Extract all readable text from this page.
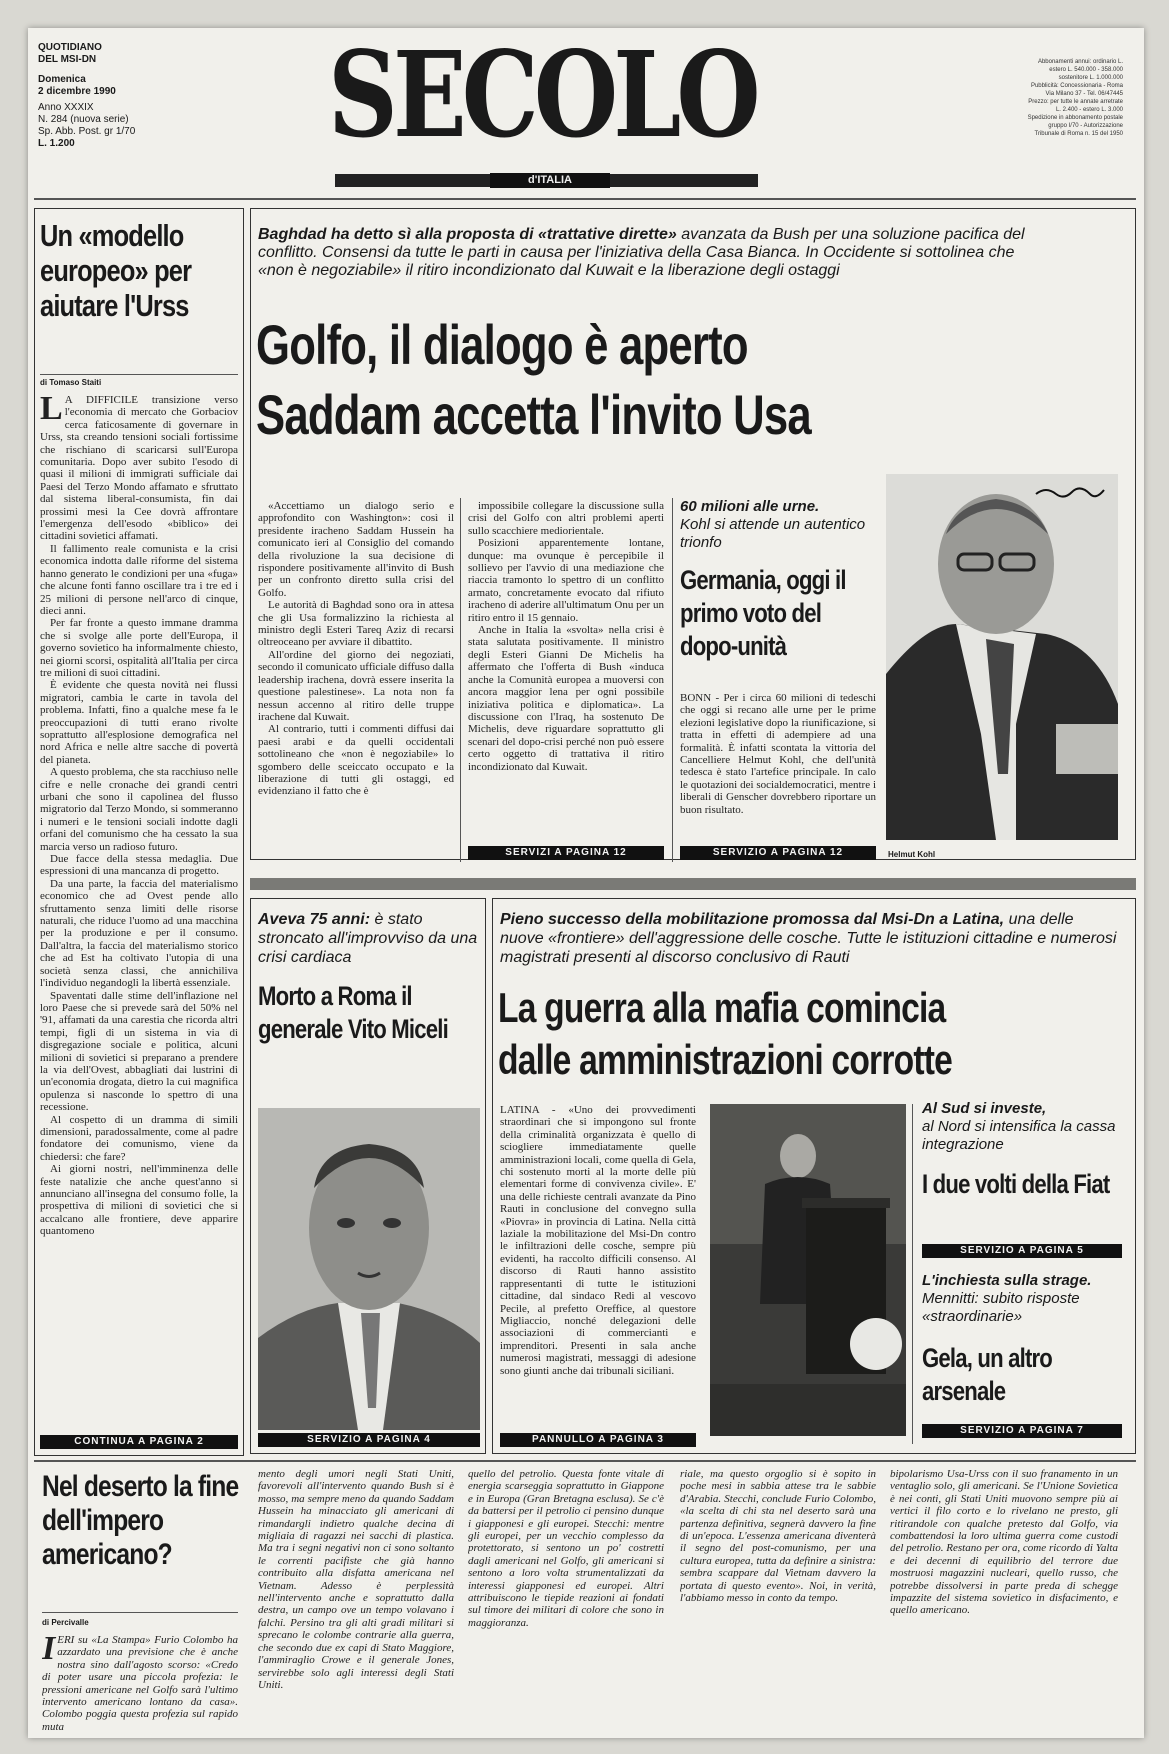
QUOTIDIANO
DEL MSI-DN
Domenica
2 dicembre 1990
Anno XXXIX
N. 284 (nuova serie)
Sp. Abb. Post. gr 1/70
L. 1.200	SECOLO
d'ITALIA
Abbonamenti annui: ordinario L.
estero L. 540.000 - 358.000
sostenitore L. 1.000.000
Pubblicità: Concessionaria - Roma
Via Milano 37 - Tel. 06/47445
Prezzo: per tutte le annate arretrate
L. 2.400 - estero L. 3.000
Spedizione in abbonamento postale
gruppo I/70 - Autorizzazione
Tribunale di Roma n. 15 del 1950
Un «modello europeo» per aiutare l'Urss
di Tomaso Staiti
L A DIFFICILE transizione verso l'economia di mercato che Gorbaciov cerca faticosamente di governare in Urss, sta creando tensioni sociali fortissime che rischiano di scaricarsi sull'Europa comunitaria. Dopo aver subito l'esodo di quasi il milioni di immigrati sufficiale dai Paesi del Terzo Mondo affamato e sfruttato dal sistema liberal-consumista, fin dai prossimi mesi la Cee dovrà affrontare l'emergenza dell'esodo «biblico» dei cittadini sovietici affamati.

Il fallimento reale comunista e la crisi economica indotta dalle riforme del sistema hanno generato le condizioni per una «fuga» che alcune fonti fanno oscillare tra i tre ed i 25 milioni di persone nell'arco di cinque, dieci anni.

Per far fronte a questo immane dramma che si svolge alle porte dell'Europa, il governo sovietico ha informalmente chiesto, nei giorni scorsi, ospitalità all'Italia per circa tre milioni di suoi cittadini.

È evidente che questa novità nei flussi migratori, cambia le carte in tavola del problema. Infatti, fino a qualche mese fa le preoccupazioni di tutti erano rivolte soprattutto all'esplosione demografica nel nord Africa e nelle altre sacche di povertà del pianeta.

A questo problema, che sta racchiuso nelle cifre e nelle cronache dei grandi centri urbani che sono il capolinea del flusso migratorio dal Terzo Mondo, si sommeranno i numeri e le tensioni sociali indotte dagli orfani del comunismo che ha cessato la sua marcia verso un radioso futuro.

Due facce della stessa medaglia. Due espressioni di una mancanza di progetto.

Da una parte, la faccia del materialismo economico che ad Ovest pende allo sfruttamento senza limiti delle risorse naturali, che riduce l'uomo ad una macchina per la produzione e per il consumo. Dall'altra, la faccia del materialismo storico che ad Est ha coltivato l'utopia di una società senza classi, che annichiliva l'individuo negandogli la libertà essenziale.

Spaventati dalle stime dell'inflazione nel loro Paese che si prevede sarà del 50% nel '91, affamati da una carestia che ricorda altri tempi, figli di un sistema in via di disgregazione sociale e politica, alcuni milioni di sovietici si preparano a prendere la via dell'Ovest, abbagliati dai lustrini di un'economia drogata, dietro la cui magnifica opulenza si nasconde lo spettro di una recessione.

Al cospetto di un dramma di simili dimensioni, paradossalmente, come al padre fondatore dei comunismo, viene da chiedersi: che fare?

Ai giorni nostri, nell'imminenza delle feste natalizie che anche quest'anno si annunciano all'insegna del consumo folle, la prospettiva di milioni di sovietici che si accalcano alle frontiere, deve apparire quantomeno

CONTINUA A PAGINA 2
Baghdad ha detto sì alla proposta di «trattative dirette» avanzata da Bush per una soluzione pacifica del conflitto. Consensi da tutte le parti in causa per l'iniziativa della Casa Bianca. In Occidente si sottolinea che «non è negoziabile» il ritiro incondizionato dal Kuwait e la liberazione degli ostaggi
Golfo, il dialogo è aperto
Saddam accetta l'invito Usa

«Accettiamo un dialogo serio e approfondito con Washington»: così il presidente iracheno Saddam Hussein ha comunicato ieri al Consiglio del comando della rivoluzione la sua decisione di rispondere positivamente all'invito di Bush per un confronto diretto sulla crisi del Golfo.

Le autorità di Baghdad sono ora in attesa che gli Usa formalizzino la richiesta al ministro degli Esteri Tareq Aziz di recarsi oltreoceano per avviare il dibattito.

All'ordine del giorno dei negoziati, secondo il comunicato ufficiale diffuso dalla leadership irachena, dovrà essere inserita la questione palestinese». La nota non fa nessun accenno al ritiro delle truppe irachene dal Kuwait.

Al contrario, tutti i commenti diffusi dai paesi arabi e da quelli occidentali sottolineano che «non è negoziabile» lo sgombero delle sceiccato occupato e la liberazione di tutti gli ostaggi, ed evidenziano il fatto che è

impossibile collegare la discussione sulla crisi del Golfo con altri problemi aperti sullo scacchiere mediorientale.

Posizioni apparentemente lontane, dunque: ma ovunque è percepibile il sollievo per l'avvio di una mediazione che riaccia tramonto lo spettro di un conflitto armato, concretamente evocato dal rifiuto iracheno di aderire all'ultimatum Onu per un ritiro entro il 15 gennaio.

Anche in Italia la «svolta» nella crisi è stata salutata positivamente. Il ministro degli Esteri Gianni De Michelis ha affermato che l'offerta di Bush «induca anche la Comunità europea a muoversi con ancora maggior lena per ogni possibile iniziativa politica e diplomatica». La discussione con l'Iraq, ha sostenuto De Michelis, deve riguardare soprattutto gli scenari del dopo-crisi perché non può essere certo oggetto di trattativa il ritiro incondizionato dal Kuwait.

SERVIZI A PAGINA 12
60 milioni alle urne.
Kohl si attende un autentico trionfo
Germania, oggi il primo voto del dopo-unità

BONN - Per i circa 60 milioni di tedeschi che oggi si recano alle urne per le prime elezioni legislative dopo la riunificazione, si tratta in effetti di adempiere ad una formalità. È infatti scontata la vittoria del Cancelliere Helmut Kohl, che dell'unità tedesca è stato l'artefice principale. In calo le quotazioni dei socialdemocratici, mentre i liberali di Genscher dovrebbero riportare un buon risultato.

SERVIZIO A PAGINA 12	Helmut Kohl
Aveva 75 anni: è stato stroncato all'improvviso da una crisi cardiaca
Morto a Roma il generale Vito Miceli
SERVIZIO A PAGINA 4
Pieno successo della mobilitazione promossa dal Msi-Dn a Latina, una delle nuove «frontiere» dell'aggressione delle cosche. Tutte le istituzioni cittadine e numerosi magistrati presenti al discorso conclusivo di Rauti
La guerra alla mafia comincia
dalle amministrazioni corrotte

LATINA - «Uno dei provvedimenti straordinari che si impongono sul fronte della criminalità organizzata è quello di sciogliere immediatamente quelle amministrazioni locali, come quella di Gela, chi sostenuto morti al la morte delle più elementari forme di convivenza civile». E' una delle richieste centrali avanzate da Pino Rauti in conclusione del convegno sulla «Piovra» in provincia di Latina. Nella città laziale la mobilitazione del Msi-Dn contro le infiltrazioni delle cosche, sempre più evidenti, ha raccolto difficili consenso. Al discorso di Rauti hanno assistito rappresentanti di tutte le istituzioni cittadine, dal sindaco Redi al vescovo Pecile, al prefetto Oreffice, al questore Migliaccio, nonché delegazioni delle associazioni di commercianti e imprenditori. Presenti in sala anche numerosi magistrati, messaggi di adesione sono giunti anche dai tribunali siciliani.

PANNULLO A PAGINA 3
Al Sud si investe,
al Nord si intensifica la cassa integrazione
I due volti della Fiat
SERVIZIO A PAGINA 5
L'inchiesta sulla strage.
Mennitti: subito risposte «straordinarie»
Gela, un altro arsenale
SERVIZIO A PAGINA 7
Nel deserto la fine dell'impero americano?
di Percivalle
I ERI su «La Stampa» Furio Colombo ha azzardato una previsione che è anche nostra sino dall'agosto scorso: «Credo di poter usare una piccola profezia: le pressioni americane nel Golfo sarà l'ultimo intervento americano lontano da casa». Colombo poggia questa profezia sul rapido muta

mento degli umori negli Stati Uniti, favorevoli all'intervento quando Bush si è mosso, ma sempre meno da quando Saddam Hussein ha minacciato gli americani di rimandargli indietro qualche decina di migliaia di ragazzi nei sacchi di plastica. Ma tra i segni negativi non ci sono soltanto le correnti pacifiste che già hanno contribuito alla disfatta americana nel Vietnam. Adesso è perplessità nell'intervento anche e soprattutto dalla destra, un campo ove un tempo volavano i falchi. Persino tra gli alti gradi militari si sprecano le colombe contrarie alla guerra, che secondo due ex capi di Stato Maggiore, l'ammiraglio Crowe e il generale Jones, servirebbe solo agli interessi degli Stati Uniti.

quello del petrolio. Questa fonte vitale di energia scarseggia soprattutto in Giappone e in Europa (Gran Bretagna esclusa). Se c'è da battersi per il petrolio ci pensino dunque i giapponesi e gli europei. Stecchi: mentre gli europei, per un vecchio complesso da protettorato, si sentono un po' costretti dagli americani nel Golfo, gli americani si sentono a loro volta strumentalizzati da interessi giapponesi ed europei. Altri attribuiscono le tiepide reazioni ai fondati sul timore dei militari di colore che sono in maggioranza.

riale, ma questo orgoglio si è sopito in poche mesi in sabbia attese tra le sabbie d'Arabia. Stecchi, conclude Furio Colombo, «la scelta di chi sta nel deserto sarà una partenza definitiva, segnerà davvero la fine di un'epoca. L'essenza americana diventerà il segno del post-comunismo, per una cultura europea, tutta da definire a sinistra: sembra scappare dal Vietnam davvero la portata di questo evento». Noi, in verità, l'abbiamo messo in conto da tempo.

bipolarismo Usa-Urss con il suo franamento in un ventaglio solo, gli americani. Se l'Unione Sovietica è nei conti, gli Stati Uniti muovono sempre più ai vertici il filo corto e lo rivelano ne presto, gli ritirandole con qualche pretesto dal Golfo, via combattendosi la loro ultima guerra come custodi del petrolio. Restano per ora, come ricordo di Yalta e dei decenni di equilibrio del terrore due mostruosi magazzini nucleari, quello russo, che potrebbe dissolversi in parte preda di schegge impazzite del sistema sovietico in disfacimento, e quello americano.
